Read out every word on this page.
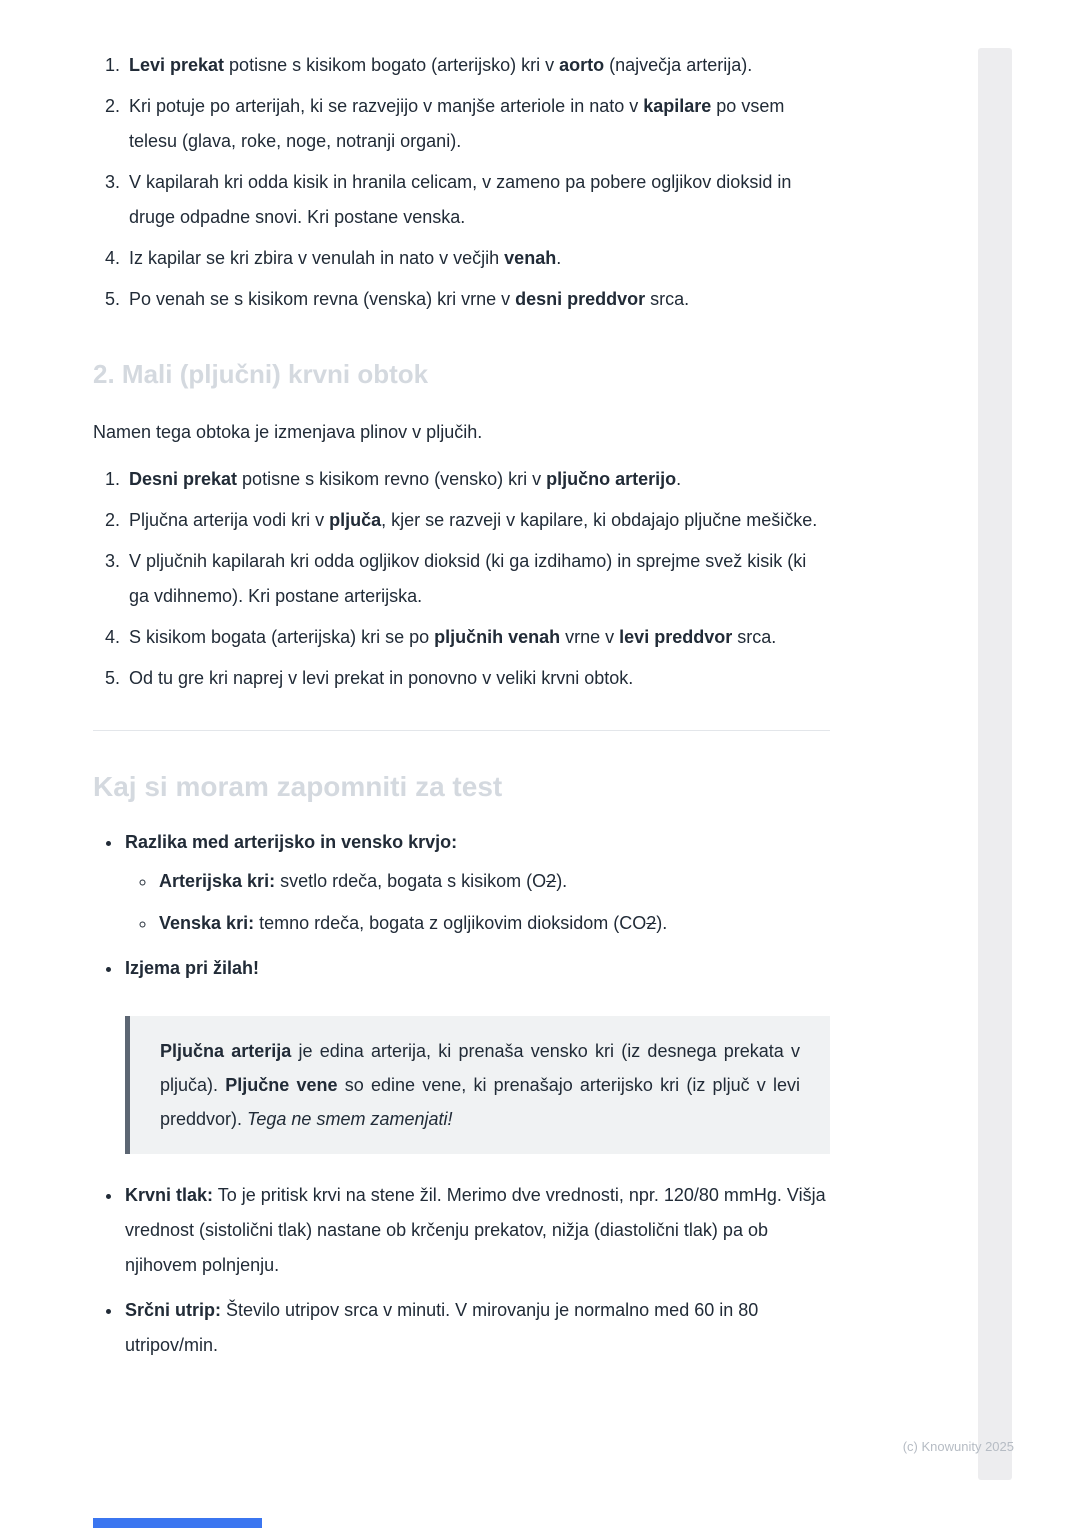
1. Levi prekat potisne s kisikom bogato (arterijsko) kri v aorto (največja arterija).
2. Kri potuje po arterijah, ki se razvejijo v manjše arteriole in nato v kapilare po vsem telesu (glava, roke, noge, notranji organi).
3. V kapilarah kri odda kisik in hranila celicam, v zameno pa pobere ogljikov dioksid in druge odpadne snovi. Kri postane venska.
4. Iz kapilar se kri zbira v venulah in nato v večjih venah.
5. Po venah se s kisikom revna (venska) kri vrne v desni preddvor srca.
2. Mali (pljučni) krvni obtok

Namen tega obtoka je izmenjava plinov v pljučih.

1. Desni prekat potisne s kisikom revno (vensko) kri v pljučno arterijo.
2. Pljučna arterija vodi kri v pljuča, kjer se razveji v kapilare, ki obdajajo pljučne mešičke.
3. V pljučnih kapilarah kri odda ogljikov dioksid (ki ga izdihamo) in sprejme svež kisik (ki ga vdihnemo). Kri postane arterijska.
4. S kisikom bogata (arterijska) kri se po pljučnih venah vrne v levi preddvor srca.
5. Od tu gre kri naprej v levi prekat in ponovno v veliki krvni obtok.
Kaj si moram zapomniti za test
• Razlika med arterijsko in vensko krvjo:
◦ Arterijska kri: svetlo rdeča, bogata s kisikom (O2).
◦ Venska kri: temno rdeča, bogata z ogljikovim dioksidom (CO2).
• Izjema pri žilah!

Pljučna arterija je edina arterija, ki prenaša vensko kri (iz desnega prekata v pljuča). Pljučne vene so edine vene, ki prenašajo arterijsko kri (iz pljuč v levi preddvor). Tega ne smem zamenjati!

• Krvni tlak: To je pritisk krvi na stene žil. Merimo dve vrednosti, npr. 120/80 mmHg. Višja vrednost (sistolični tlak) nastane ob krčenju prekatov, nižja (diastolični tlak) pa ob njihovem polnjenju.
• Srčni utrip: Število utripov srca v minuti. V mirovanju je normalno med 60 in 80 utripov/min.
(c) Knowunity 2025
